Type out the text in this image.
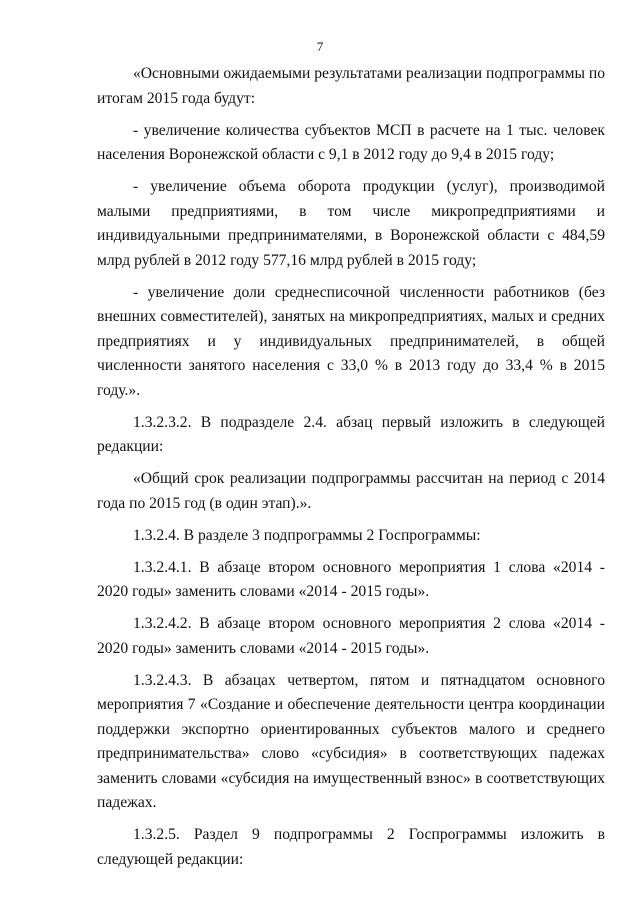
7

«Основными ожидаемыми результатами реализации подпрограммы по итогам 2015 года будут:

- увеличение количества субъектов МСП в расчете на 1 тыс. человек населения Воронежской области с 9,1 в 2012 году до 9,4 в 2015 году;

- увеличение объема оборота продукции (услуг), производимой малыми предприятиями, в том числе микропредприятиями и индивидуальными предпринимателями, в Воронежской области с 484,59 млрд рублей в 2012 году 577,16 млрд рублей в 2015 году;

- увеличение доли среднесписочной численности работников (без внешних совместителей), занятых на микропредприятиях, малых и средних предприятиях и у индивидуальных предпринимателей, в общей численности занятого населения с 33,0 % в 2013 году до 33,4 % в 2015 году.».

1.3.2.3.2. В подразделе 2.4. абзац первый изложить в следующей редакции:

«Общий срок реализации подпрограммы рассчитан на период с 2014 года по 2015 год (в один этап).».

1.3.2.4. В разделе 3 подпрограммы 2 Госпрограммы:

1.3.2.4.1. В абзаце втором основного мероприятия 1 слова «2014 - 2020 годы» заменить словами «2014 - 2015 годы».

1.3.2.4.2. В абзаце втором основного мероприятия 2 слова «2014 - 2020 годы» заменить словами «2014 - 2015 годы».

1.3.2.4.3. В абзацах четвертом, пятом и пятнадцатом основного мероприятия 7 «Создание и обеспечение деятельности центра координации поддержки экспортно ориентированных субъектов малого и среднего предпринимательства» слово «субсидия» в соответствующих падежах заменить словами «субсидия на имущественный взнос» в соответствующих падежах.

1.3.2.5. Раздел 9 подпрограммы 2 Госпрограммы изложить в следующей редакции:
